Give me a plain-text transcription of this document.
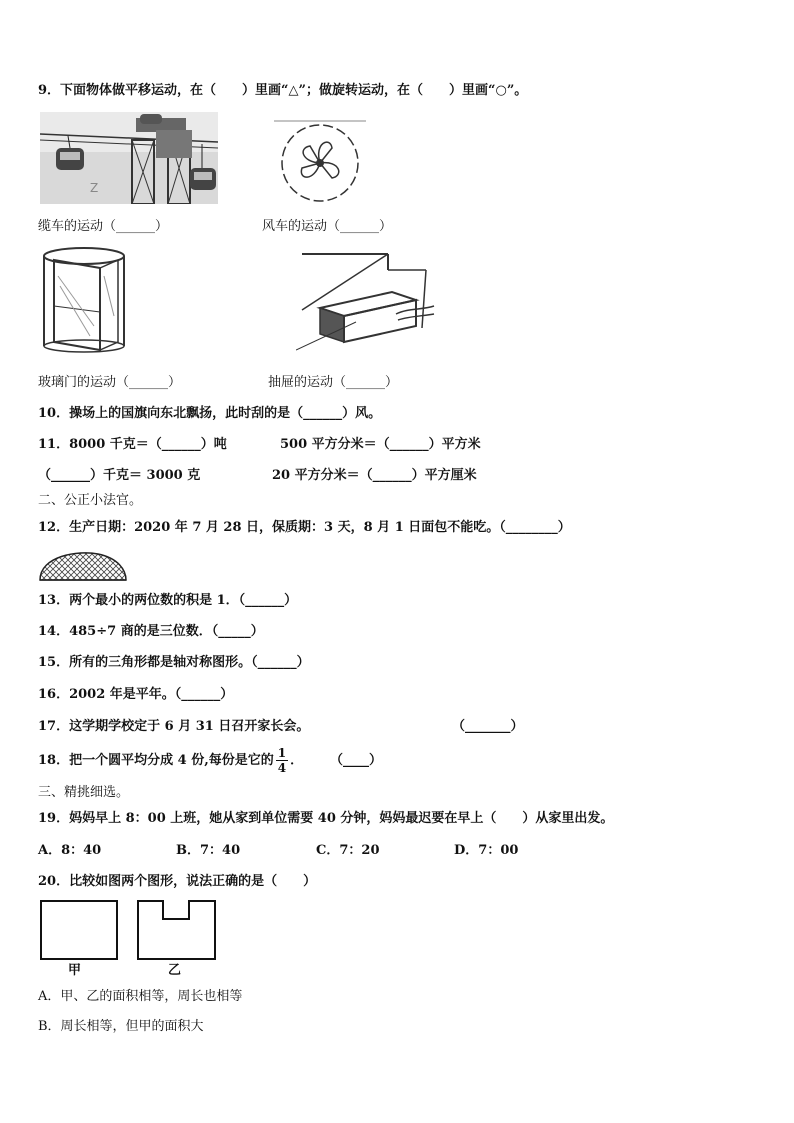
9．下面物体做平移运动，在（　　）里画“△”；做旋转运动，在（　　）里画“○”。
Z
缆车的运动（______）	风车的运动（______）
玻璃门的运动（______）	抽屉的运动（______）
10．操场上的国旗向东北飘扬，此时刮的是（______）风。
11．8000 千克＝（______）吨	500 平方分米＝（______）平方米
（______）千克＝ 3000 克	20 平方分米＝（______）平方厘米
二、公正小法官。
12．生产日期：2020 年 7 月 28 日，保质期：3 天，8 月 1 日面包不能吃。（________）
13．两个最小的两位数的积是 1．（______）
14．485÷7 商的是三位数．（_____）
15．所有的三角形都是轴对称图形。（______）
16．2002 年是平年。（______）
17．这学期学校定于 6 月 31 日召开家长会。	（_______）
18．把一个圆平均分成 4 份,每份是它的 $\frac{1}{4}$ ． （____）
三、精挑细选。
19．妈妈早上 8：00 上班，她从家到单位需要 40 分钟，妈妈最迟要在早上（　　）从家里出发。
A．8：40	B．7：40	C．7：20	D．7：00
20．比较如图两个图形，说法正确的是（　　）
甲	乙
A．甲、乙的面积相等，周长也相等
B．周长相等，但甲的面积大
